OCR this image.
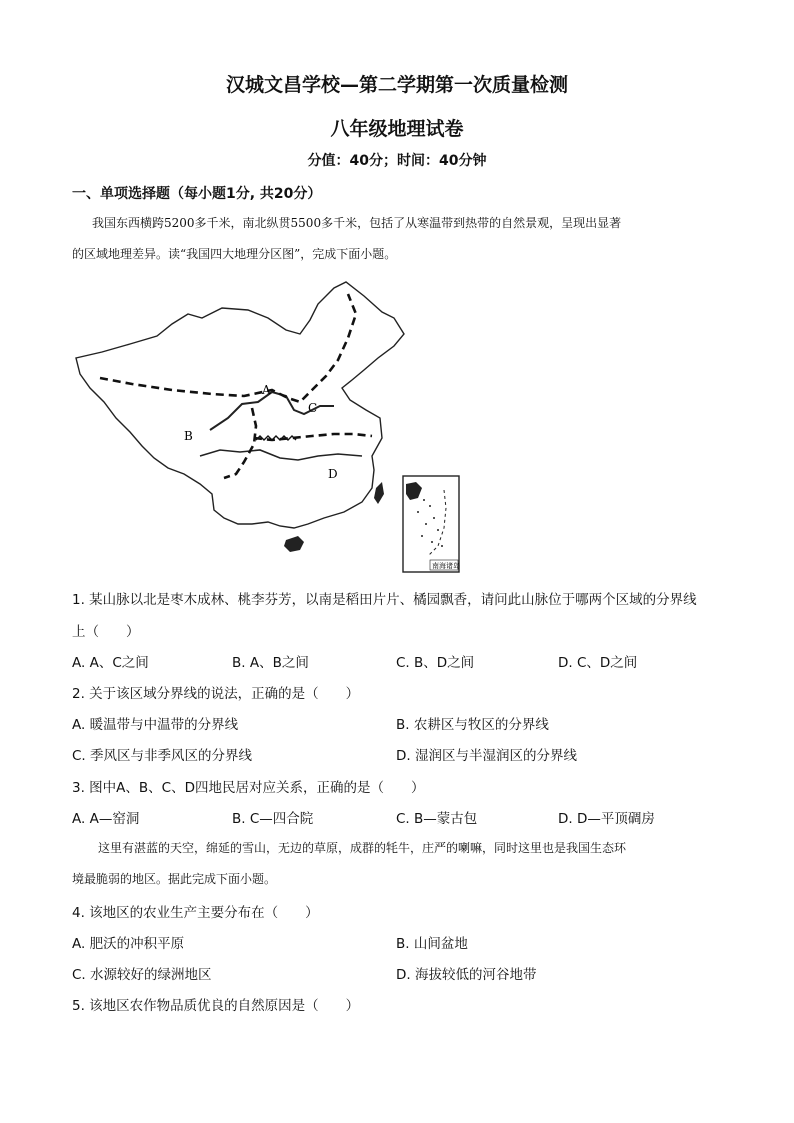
汉城文昌学校—第二学期第一次质量检测
八年级地理试卷
分值：40分；时间：40分钟
一、单项选择题（每小题1分, 共20分）
我国东西横跨5200多千米，南北纵贯5500多千米，包括了从寒温带到热带的自然景观，呈现出显著
的区域地理差异。读“我国四大地理分区图”，完成下面小题。
A
B
C
D
南海诸岛
1. 某山脉以北是枣木成林、桃李芬芳，以南是稻田片片、橘园飘香，请问此山脉位于哪两个区域的分界线
上（　　）
A. A、C之间	B. A、B之间	C. B、D之间	D. C、D之间
2. 关于该区域分界线的说法，正确的是（　　）
A. 暖温带与中温带的分界线	B. 农耕区与牧区的分界线
C. 季风区与非季风区的分界线	D. 湿润区与半湿润区的分界线
3. 图中A、B、C、D四地民居对应关系，正确的是（　　）
A. A—窑洞	B. C—四合院	C. B—蒙古包	D. D—平顶碉房
这里有湛蓝的天空，绵延的雪山，无边的草原，成群的牦牛，庄严的喇嘛，同时这里也是我国生态环
境最脆弱的地区。据此完成下面小题。
4. 该地区的农业生产主要分布在（　　）
A. 肥沃的冲积平原	B. 山间盆地
C. 水源较好的绿洲地区	D. 海拔较低的河谷地带
5. 该地区农作物品质优良的自然原因是（　　）
